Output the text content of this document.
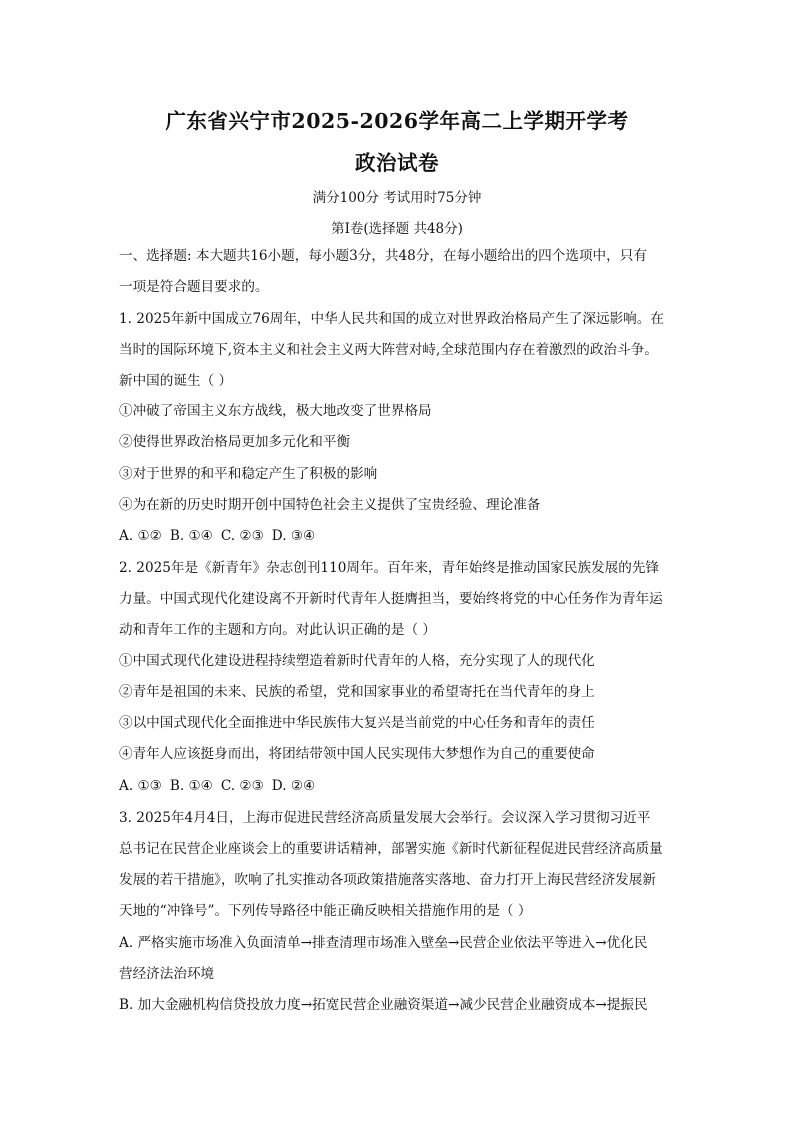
广东省兴宁市2025-2026学年高二上学期开学考
政治试卷
满分100分 考试用时75分钟
第Ⅰ卷(选择题 共48分)
一、选择题: 本大题共16小题，每小题3分，共48分，在每小题给出的四个选项中，只有
一项是符合题目要求的。
1. 2025年新中国成立76周年，中华人民共和国的成立对世界政治格局产生了深远影响。在
当时的国际环境下,资本主义和社会主义两大阵营对峙,全球范围内存在着激烈的政治斗争。
新中国的诞生（ ）
①冲破了帝国主义东方战线，极大地改变了世界格局
②使得世界政治格局更加多元化和平衡
③对于世界的和平和稳定产生了积极的影响
④为在新的历史时期开创中国特色社会主义提供了宝贵经验、理论准备
A. ①② B. ①④ C. ②③ D. ③④
2. 2025年是《新青年》杂志创刊110周年。百年来，青年始终是推动国家民族发展的先锋
力量。中国式现代化建设离不开新时代青年人挺膺担当，要始终将党的中心任务作为青年运
动和青年工作的主题和方向。对此认识正确的是（ ）
①中国式现代化建设进程持续塑造着新时代青年的人格，充分实现了人的现代化
②青年是祖国的未来、民族的希望，党和国家事业的希望寄托在当代青年的身上
③以中国式现代化全面推进中华民族伟大复兴是当前党的中心任务和青年的责任
④青年人应该挺身而出，将团结带领中国人民实现伟大梦想作为自己的重要使命
A. ①③ B. ①④ C. ②③ D. ②④
3. 2025年4月4日，上海市促进民营经济高质量发展大会举行。会议深入学习贯彻习近平
总书记在民营企业座谈会上的重要讲话精神，部署实施《新时代新征程促进民营经济高质量
发展的若干措施》，吹响了扎实推动各项政策措施落实落地、奋力打开上海民营经济发展新
天地的“冲锋号”。下列传导路径中能正确反映相关措施作用的是（ ）
A. 严格实施市场准入负面清单→排查清理市场准入壁垒→民营企业依法平等进入→优化民
营经济法治环境
B. 加大金融机构信贷投放力度→拓宽民营企业融资渠道→减少民营企业融资成本→提振民
